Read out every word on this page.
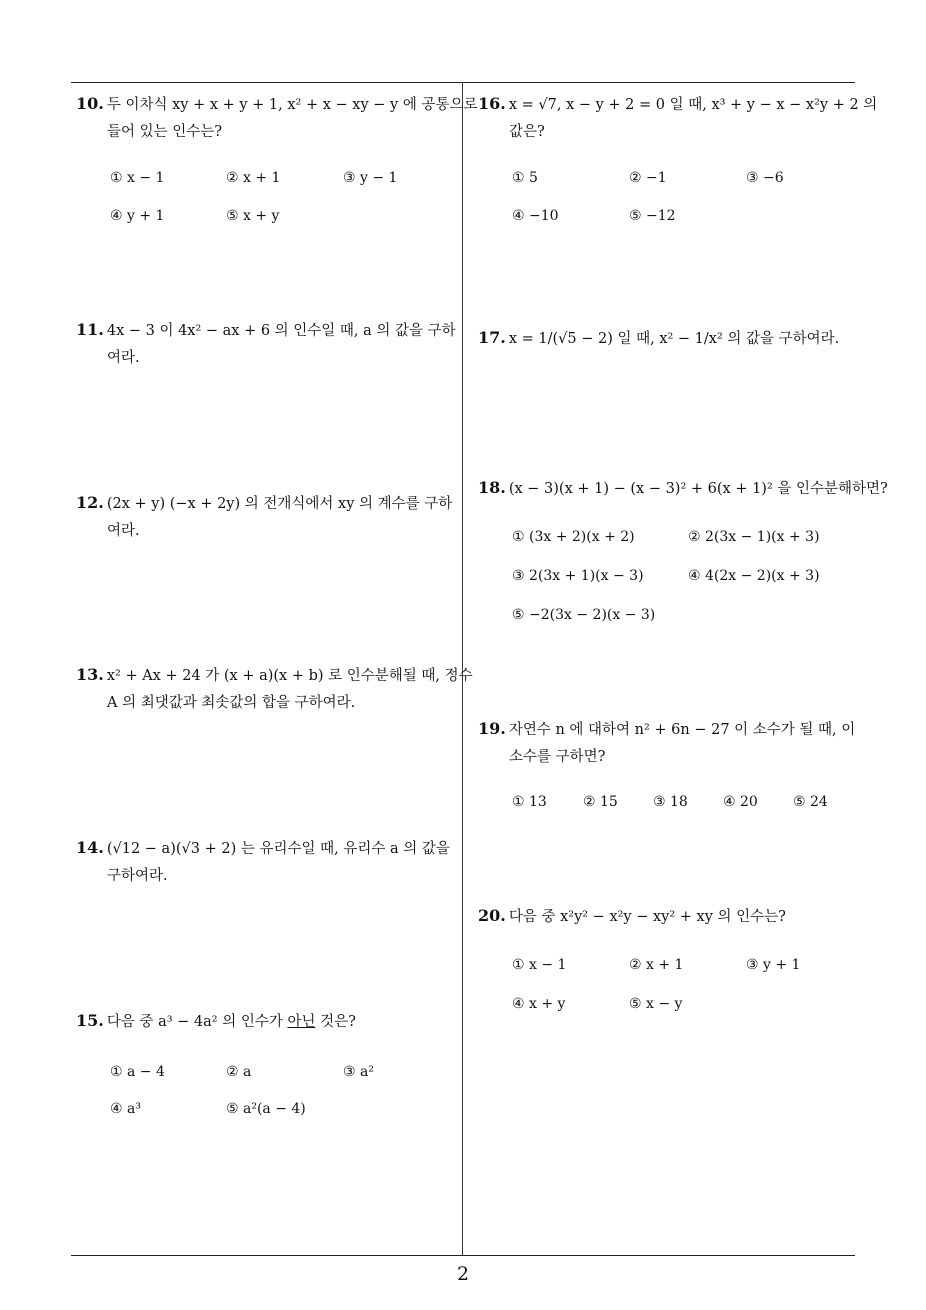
10. 두 이차식 xy + x + y + 1, x² + x − xy − y 에 공통으로
들어 있는 인수는?
① x − 1	② x + 1	③ y − 1
④ y + 1	⑤ x + y
11. 4x − 3 이 4x² − ax + 6 의 인수일 때, a 의 값을 구하
여라.
12. (2x + y) (−x + 2y) 의 전개식에서 xy 의 계수를 구하
여라.
13. x² + Ax + 24 가 (x + a)(x + b) 로 인수분해될 때, 정수
A 의 최댓값과 최솟값의 합을 구하여라.
14. (√12 − a)(√3 + 2) 는 유리수일 때, 유리수 a 의 값을
구하여라.
15. 다음 중 a³ − 4a² 의 인수가 아닌 것은?
① a − 4	② a	③ a²
④ a³	⑤ a²(a − 4)
16. x = √7, x − y + 2 = 0 일 때, x³ + y − x − x²y + 2 의
값은?
① 5	② −1	③ −6
④ −10	⑤ −12
17. x = 1/(√5 − 2) 일 때, x² − 1/x² 의 값을 구하여라.
18. (x − 3)(x + 1) − (x − 3)² + 6(x + 1)² 을 인수분해하면?
① (3x + 2)(x + 2)	② 2(3x − 1)(x + 3)
③ 2(3x + 1)(x − 3)	④ 4(2x − 2)(x + 3)
⑤ −2(3x − 2)(x − 3)
19. 자연수 n 에 대하여 n² + 6n − 27 이 소수가 될 때, 이
소수를 구하면?
① 13	② 15	③ 18	④ 20	⑤ 24
20. 다음 중 x²y² − x²y − xy² + xy 의 인수는?
① x − 1	② x + 1	③ y + 1
④ x + y	⑤ x − y
2
